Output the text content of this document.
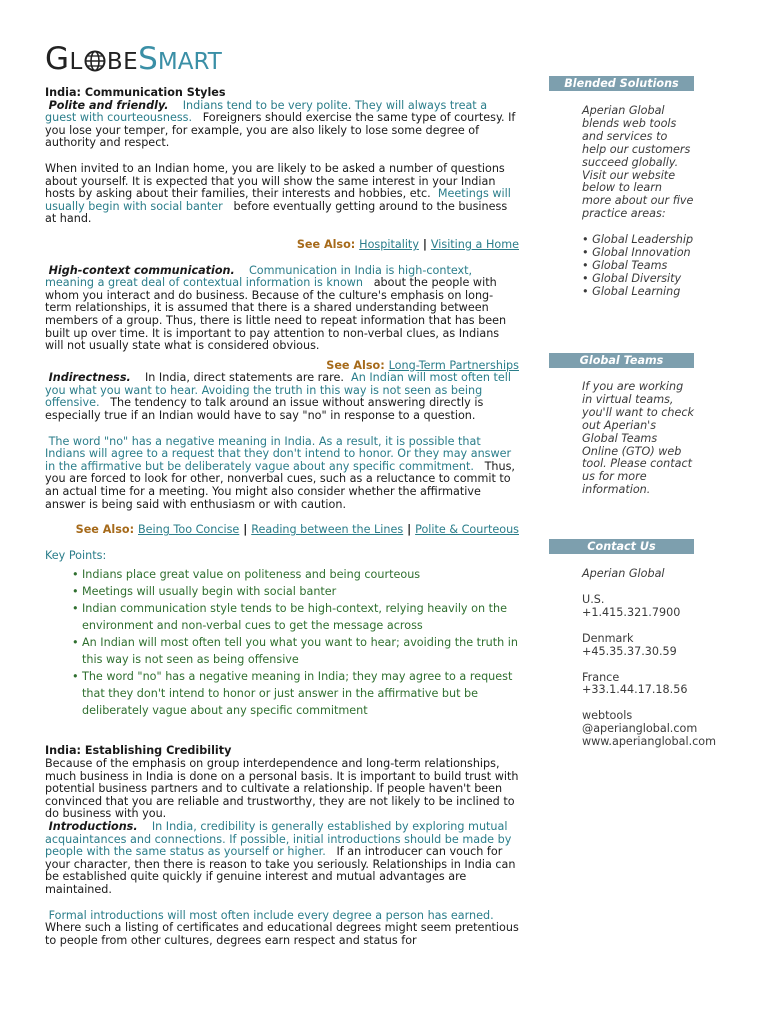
GL BESMART

India: Communication Styles

Polite and friendly. Indians tend to be very polite. They will always treat a guest with courteousness. Foreigners should exercise the same type of courtesy. If you lose your temper, for example, you are also likely to lose some degree of authority and respect.

When invited to an Indian home, you are likely to be asked a number of questions about yourself. It is expected that you will show the same interest in your Indian hosts by asking about their families, their interests and hobbies, etc. Meetings will usually begin with social banter before eventually getting around to the business at hand.

See Also: Hospitality | Visiting a Home

High-context communication. Communication in India is high-context, meaning a great deal of contextual information is known about the people with whom you interact and do business. Because of the culture's emphasis on long-term relationships, it is assumed that there is a shared understanding between members of a group. Thus, there is little need to repeat information that has been built up over time. It is important to pay attention to non-verbal clues, as Indians will not usually state what is considered obvious.

See Also: Long-Term Partnerships

Indirectness. In India, direct statements are rare. An Indian will most often tell you what you want to hear. Avoiding the truth in this way is not seen as being offensive. The tendency to talk around an issue without answering directly is especially true if an Indian would have to say "no" in response to a question.

The word "no" has a negative meaning in India. As a result, it is possible that Indians will agree to a request that they don't intend to honor. Or they may answer in the affirmative but be deliberately vague about any specific commitment. Thus, you are forced to look for other, nonverbal cues, such as a reluctance to commit to an actual time for a meeting. You might also consider whether the affirmative answer is being said with enthusiasm or with caution.

See Also: Being Too Concise | Reading between the Lines | Polite & Courteous

Key Points:

• Indians place great value on politeness and being courteous
• Meetings will usually begin with social banter
• Indian communication style tends to be high-context, relying heavily on the environment and non-verbal cues to get the message across
• An Indian will most often tell you what you want to hear; avoiding the truth in this way is not seen as being offensive
• The word "no" has a negative meaning in India; they may agree to a request that they don't intend to honor or just answer in the affirmative but be deliberately vague about any specific commitment

India: Establishing Credibility

Because of the emphasis on group interdependence and long-term relationships, much business in India is done on a personal basis. It is important to build trust with potential business partners and to cultivate a relationship. If people haven't been convinced that you are reliable and trustworthy, they are not likely to be inclined to do business with you.

Introductions. In India, credibility is generally established by exploring mutual acquaintances and connections. If possible, initial introductions should be made by people with the same status as yourself or higher. If an introducer can vouch for your character, then there is reason to take you seriously. Relationships in India can be established quite quickly if genuine interest and mutual advantages are maintained.

Formal introductions will most often include every degree a person has earned. Where such a listing of certificates and educational degrees might seem pretentious to people from other cultures, degrees earn respect and status for

Blended Solutions

Aperian Global blends web tools and services to help our customers succeed globally. Visit our website below to learn more about our five practice areas:

• Global Leadership
• Global Innovation
• Global Teams
• Global Diversity
• Global Learning
Global Teams
If you are working in virtual teams, you'll want to check out Aperian's Global Teams Online (GTO) web tool. Please contact us for more information.
Contact Us

Aperian Global

U.S.
+1.415.321.7900

Denmark
+45.35.37.30.59

France
+33.1.44.17.18.56

webtools
@aperianglobal.com
www.aperianglobal.com
